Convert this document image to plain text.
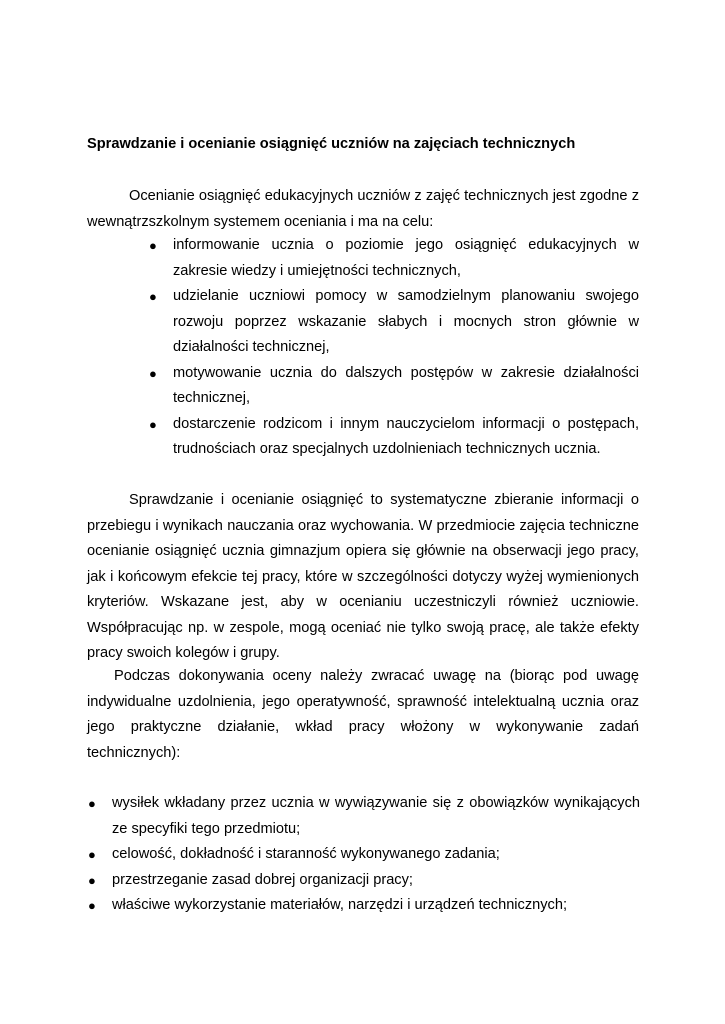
Sprawdzanie i ocenianie osiągnięć uczniów na zajęciach technicznych

Ocenianie osiągnięć edukacyjnych uczniów z zajęć technicznych jest zgodne z wewnątrzszkolnym systemem oceniania i ma na celu:

● informowanie ucznia o poziomie jego osiągnięć edukacyjnych w zakresie wiedzy i umiejętności technicznych,
● udzielanie uczniowi pomocy w samodzielnym planowaniu swojego rozwoju poprzez wskazanie słabych i mocnych stron głównie w działalności technicznej,
● motywowanie ucznia do dalszych postępów w zakresie działalności technicznej,
● dostarczenie rodzicom i innym nauczycielom informacji o postępach, trudnościach oraz specjalnych uzdolnieniach technicznych ucznia.

Sprawdzanie i ocenianie osiągnięć to systematyczne zbieranie informacji o przebiegu i wynikach nauczania oraz wychowania. W przedmiocie zajęcia techniczne ocenianie osiągnięć ucznia gimnazjum opiera się głównie na obserwacji jego pracy, jak i końcowym efekcie tej pracy, które w szczególności dotyczy wyżej wymienionych kryteriów. Wskazane jest, aby w ocenianiu uczestniczyli również uczniowie. Współpracując np. w zespole, mogą oceniać nie tylko swoją pracę, ale także efekty pracy swoich kolegów i grupy.

Podczas dokonywania oceny należy zwracać uwagę na (biorąc pod uwagę indywidualne uzdolnienia, jego operatywność, sprawność intelektualną ucznia oraz jego praktyczne działanie, wkład pracy włożony w wykonywanie zadań technicznych):

● wysiłek wkładany przez ucznia w wywiązywanie się z obowiązków wynikających ze specyfiki tego przedmiotu;
● celowość, dokładność i staranność wykonywanego zadania;
● przestrzeganie zasad dobrej organizacji pracy;
● właściwe wykorzystanie materiałów, narzędzi i urządzeń technicznych;
